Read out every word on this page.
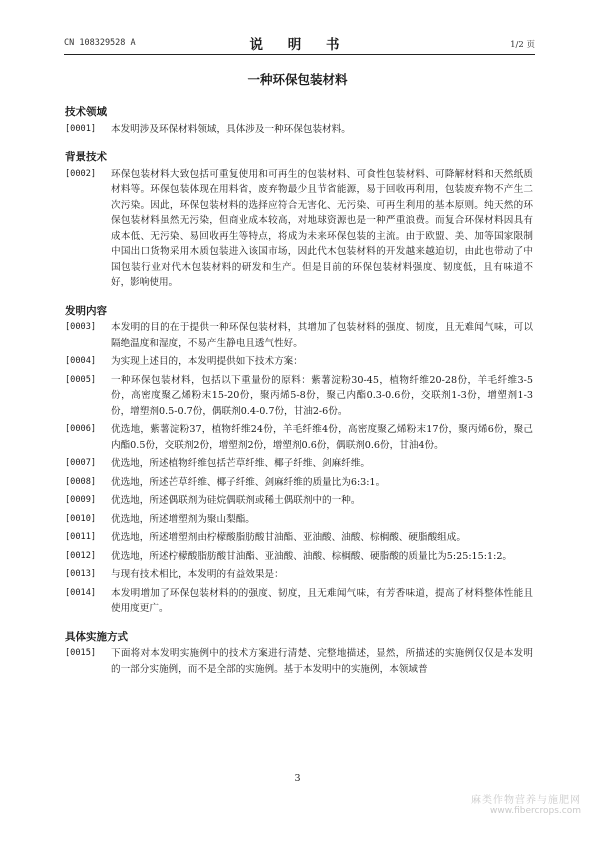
CN 108329528 A	说 明 书	1/2 页
一种环保包装材料
技术领域
[0001]	本发明涉及环保材料领域，具体涉及一种环保包装材料。
背景技术
[0002]	环保包装材料大致包括可重复使用和可再生的包装材料、可食性包装材料、可降解材料和天然纸质材料等。环保包装体现在用料省，废弃物最少且节省能源，易于回收再利用，包装废弃物不产生二次污染。因此，环保包装材料的选择应符合无害化、无污染、可再生利用的基本原则。纯天然的环保包装材料虽然无污染，但商业成本较高，对地球资源也是一种严重浪费。而复合环保材料因具有成本低、无污染、易回收再生等特点，将成为未来环保包装的主流。由于欧盟、美、加等国家限制中国出口货物采用木质包装进入该国市场，因此代木包装材料的开发越来越迫切，由此也带动了中国包装行业对代木包装材料的研发和生产。但是目前的环保包装材料强度、韧度低，且有味道不好，影响使用。
发明内容
[0003]	本发明的目的在于提供一种环保包装材料，其增加了包装材料的强度、韧度，且无难闻气味，可以隔绝温度和湿度，不易产生静电且透气性好。
[0004]	为实现上述目的，本发明提供如下技术方案：
[0005]	一种环保包装材料，包括以下重量份的原料：紫薯淀粉30-45，植物纤维20-28份，羊毛纤维3-5份，高密度聚乙烯粉末15-20份，聚丙烯5-8份，聚己内酯0.3-0.6份，交联剂1-3份，增塑剂1-3份，增塑剂0.5-0.7份，偶联剂0.4-0.7份，甘油2-6份。
[0006]	优选地，紫薯淀粉37，植物纤维24份，羊毛纤维4份，高密度聚乙烯粉末17份，聚丙烯6份，聚己内酯0.5份，交联剂2份，增塑剂2份，增塑剂0.6份，偶联剂0.6份，甘油4份。
[0007]	优选地，所述植物纤维包括芒草纤维、椰子纤维、剑麻纤维。
[0008]	优选地，所述芒草纤维、椰子纤维、剑麻纤维的质量比为6:3:1。
[0009]	优选地，所述偶联剂为硅烷偶联剂或稀土偶联剂中的一种。
[0010]	优选地，所述增塑剂为聚山梨酯。
[0011]	优选地，所述增塑剂由柠檬酸脂肪酸甘油酯、亚油酸、油酸、棕榈酸、硬脂酸组成。
[0012]	优选地，所述柠檬酸脂肪酸甘油酯、亚油酸、油酸、棕榈酸、硬脂酸的质量比为5:25:15:1:2。
[0013]	与现有技术相比，本发明的有益效果是：
[0014]	本发明增加了环保包装材料的的强度、韧度，且无难闻气味，有芳香味道，提高了材料整体性能且使用度更广。
具体实施方式
[0015]	下面将对本发明实施例中的技术方案进行清楚、完整地描述，显然，所描述的实施例仅仅是本发明的一部分实施例，而不是全部的实施例。基于本发明中的实施例，本领域普
3
麻类作物营养与施肥网
www.fibercrops.com
